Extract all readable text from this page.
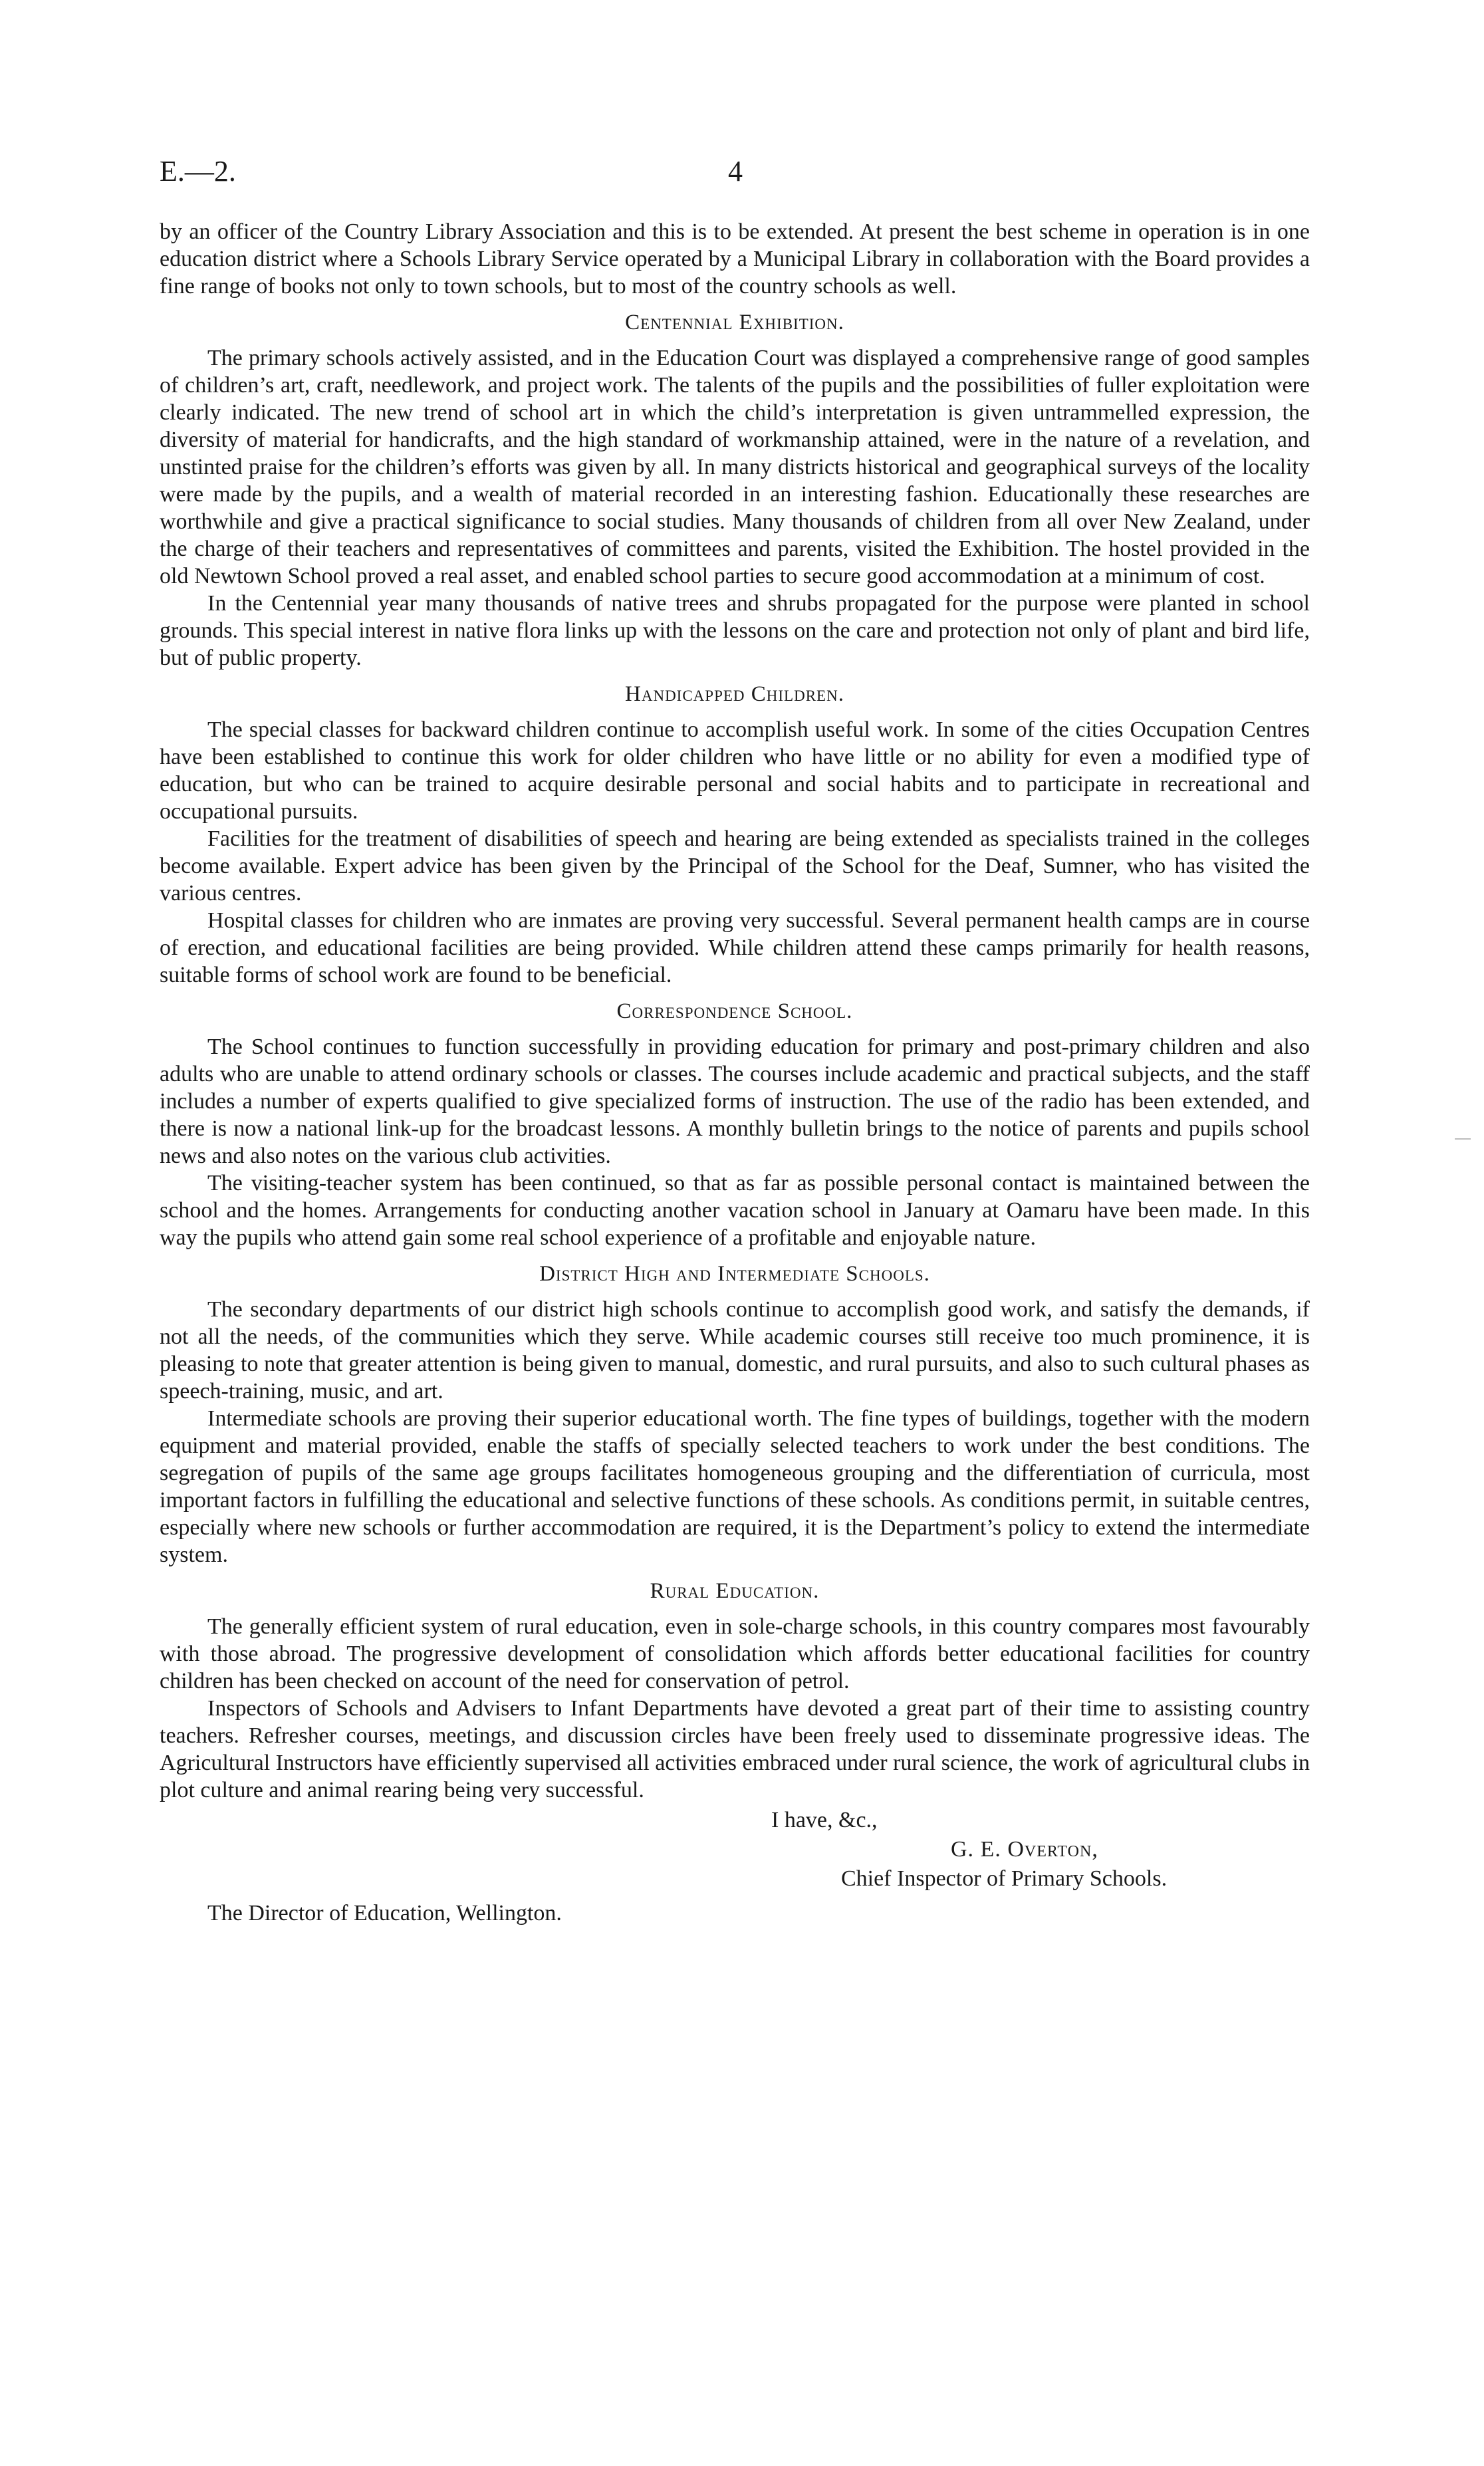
E.—2.	4

by an officer of the Country Library Association and this is to be extended. At present the best scheme in operation is in one education district where a Schools Library Service operated by a Municipal Library in collaboration with the Board provides a fine range of books not only to town schools, but to most of the country schools as well.

Centennial Exhibition.

The primary schools actively assisted, and in the Education Court was displayed a comprehensive range of good samples of children’s art, craft, needlework, and project work. The talents of the pupils and the possibilities of fuller exploitation were clearly indicated. The new trend of school art in which the child’s interpretation is given untrammelled expression, the diversity of material for handicrafts, and the high standard of workmanship attained, were in the nature of a revelation, and unstinted praise for the children’s efforts was given by all. In many districts historical and geographical surveys of the locality were made by the pupils, and a wealth of material recorded in an interesting fashion. Educationally these researches are worthwhile and give a practical significance to social studies. Many thousands of children from all over New Zealand, under the charge of their teachers and representatives of committees and parents, visited the Exhibition. The hostel provided in the old Newtown School proved a real asset, and enabled school parties to secure good accommodation at a minimum of cost.

In the Centennial year many thousands of native trees and shrubs propagated for the purpose were planted in school grounds. This special interest in native flora links up with the lessons on the care and protection not only of plant and bird life, but of public property.

Handicapped Children.

The special classes for backward children continue to accomplish useful work. In some of the cities Occupation Centres have been established to continue this work for older children who have little or no ability for even a modified type of education, but who can be trained to acquire desirable personal and social habits and to participate in recreational and occupational pursuits.

Facilities for the treatment of disabilities of speech and hearing are being extended as specialists trained in the colleges become available. Expert advice has been given by the Principal of the School for the Deaf, Sumner, who has visited the various centres.

Hospital classes for children who are inmates are proving very successful. Several permanent health camps are in course of erection, and educational facilities are being provided. While children attend these camps primarily for health reasons, suitable forms of school work are found to be beneficial.

Correspondence School.

The School continues to function successfully in providing education for primary and post-primary children and also adults who are unable to attend ordinary schools or classes. The courses include academic and practical subjects, and the staff includes a number of experts qualified to give specialized forms of instruction. The use of the radio has been extended, and there is now a national link-up for the broadcast lessons. A monthly bulletin brings to the notice of parents and pupils school news and also notes on the various club activities.

The visiting-teacher system has been continued, so that as far as possible personal contact is maintained between the school and the homes. Arrangements for conducting another vacation school in January at Oamaru have been made. In this way the pupils who attend gain some real school experience of a profitable and enjoyable nature.

District High and Intermediate Schools.

The secondary departments of our district high schools continue to accomplish good work, and satisfy the demands, if not all the needs, of the communities which they serve. While academic courses still receive too much prominence, it is pleasing to note that greater attention is being given to manual, domestic, and rural pursuits, and also to such cultural phases as speech-training, music, and art.

Intermediate schools are proving their superior educational worth. The fine types of buildings, together with the modern equipment and material provided, enable the staffs of specially selected teachers to work under the best conditions. The segregation of pupils of the same age groups facilitates homogeneous grouping and the differentiation of curricula, most important factors in fulfilling the educational and selective functions of these schools. As conditions permit, in suitable centres, especially where new schools or further accommodation are required, it is the Department’s policy to extend the intermediate system.

Rural Education.

The generally efficient system of rural education, even in sole-charge schools, in this country compares most favourably with those abroad. The progressive development of consolidation which affords better educational facilities for country children has been checked on account of the need for conservation of petrol.

Inspectors of Schools and Advisers to Infant Departments have devoted a great part of their time to assisting country teachers. Refresher courses, meetings, and discussion circles have been freely used to disseminate progressive ideas. The Agricultural Instructors have efficiently supervised all activities embraced under rural science, the work of agricultural clubs in plot culture and animal rearing being very successful.

I have, &c.,
G. E. Overton,
Chief Inspector of Primary Schools.
The Director of Education, Wellington.
